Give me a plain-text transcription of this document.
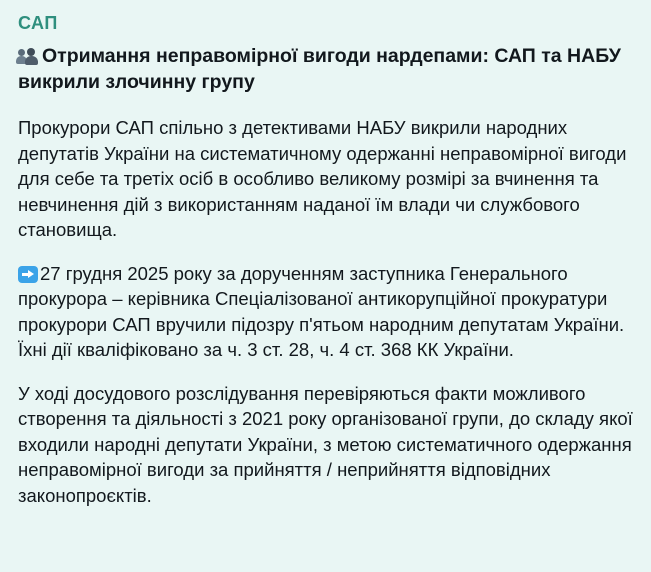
САП
Отримання неправомірної вигоди нардепами: САП та НАБУ викрили злочинну групу

Прокурори САП спільно з детективами НАБУ викрили народних депутатів України на систематичному одержанні неправомірної вигоди для себе та третіх осіб в особливо великому розмірі за вчинення та невчинення дій з використанням наданої їм влади чи службового становища.

27 грудня 2025 року за дорученням заступника Генерального прокурора – керівника Спеціалізованої антикорупційної прокуратури прокурори САП вручили підозру п'ятьом народним депутатам України. Їхні дії кваліфіковано за ч. 3 ст. 28, ч. 4 ст. 368 КК України.

У ході досудового розслідування перевіряються факти можливого створення та діяльності з 2021 року організованої групи, до складу якої входили народні депутати України, з метою систематичного одержання неправомірної вигоди за прийняття / неприйняття відповідних законопроєктів.
